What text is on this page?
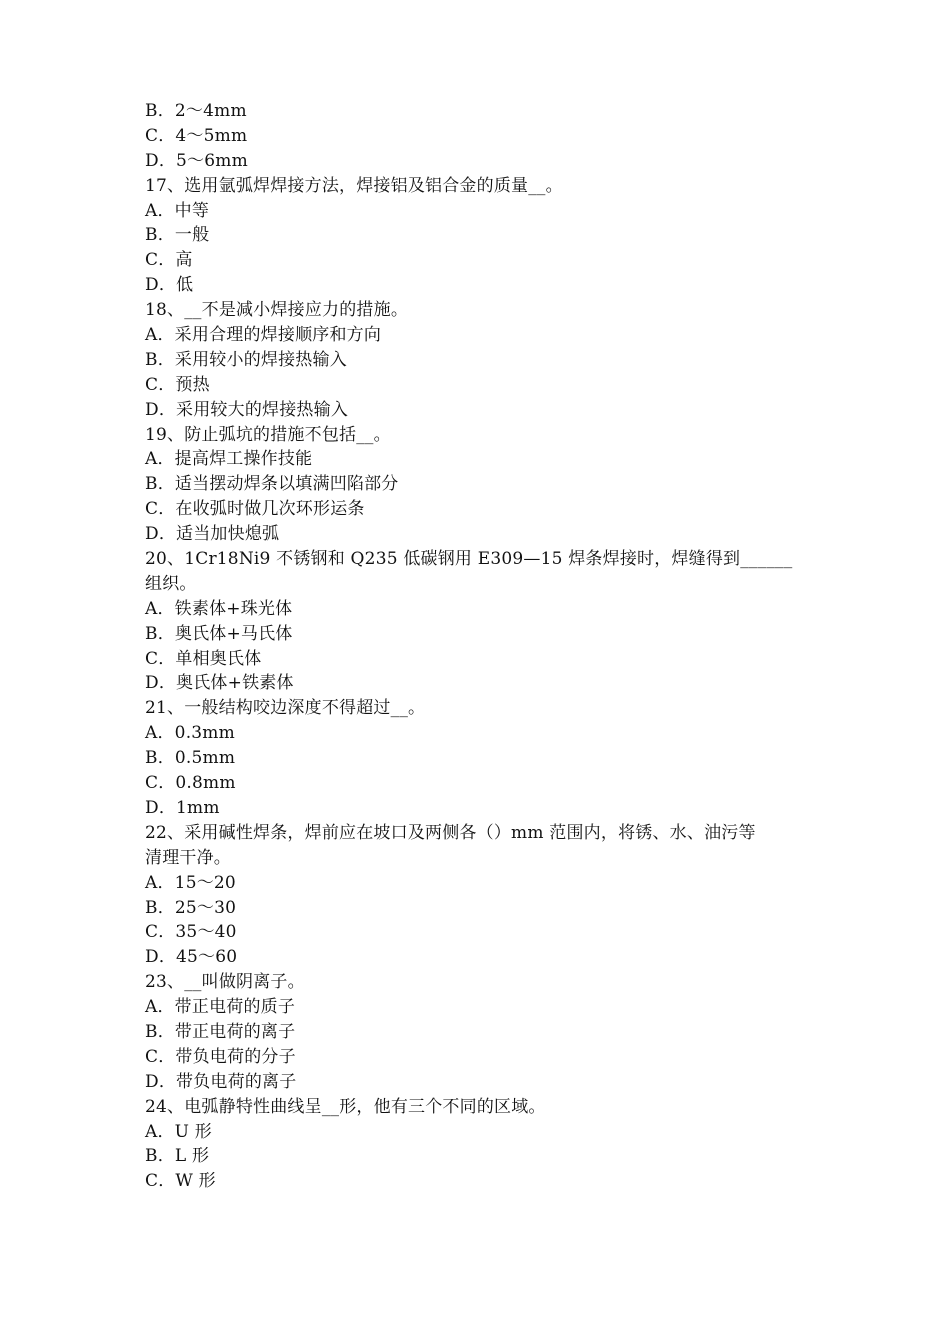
B．2～4mm
C．4～5mm
D．5～6mm
17、选用氩弧焊焊接方法，焊接铝及铝合金的质量__。
A．中等
B．一般
C．高
D．低
18、__不是减小焊接应力的措施。
A．采用合理的焊接顺序和方向
B．采用较小的焊接热输入
C．预热
D．采用较大的焊接热输入
19、防止弧坑的措施不包括__。
A．提高焊工操作技能
B．适当摆动焊条以填满凹陷部分
C．在收弧时做几次环形运条
D．适当加快熄弧
20、1Cr18Ni9 不锈钢和 Q235 低碳钢用 E309—15 焊条焊接时，焊缝得到______
组织。
A．铁素体+珠光体
B．奥氏体+马氏体
C．单相奥氏体
D．奥氏体+铁素体
21、一般结构咬边深度不得超过__。
A．0.3mm
B．0.5mm
C．0.8mm
D．1mm
22、采用碱性焊条，焊前应在坡口及两侧各（）mm 范围内，将锈、水、油污等
清理干净。
A．15～20
B．25～30
C．35～40
D．45～60
23、__叫做阴离子。
A．带正电荷的质子
B．带正电荷的离子
C．带负电荷的分子
D．带负电荷的离子
24、电弧静特性曲线呈__形，他有三个不同的区域。
A．U 形
B．L 形
C．W 形
